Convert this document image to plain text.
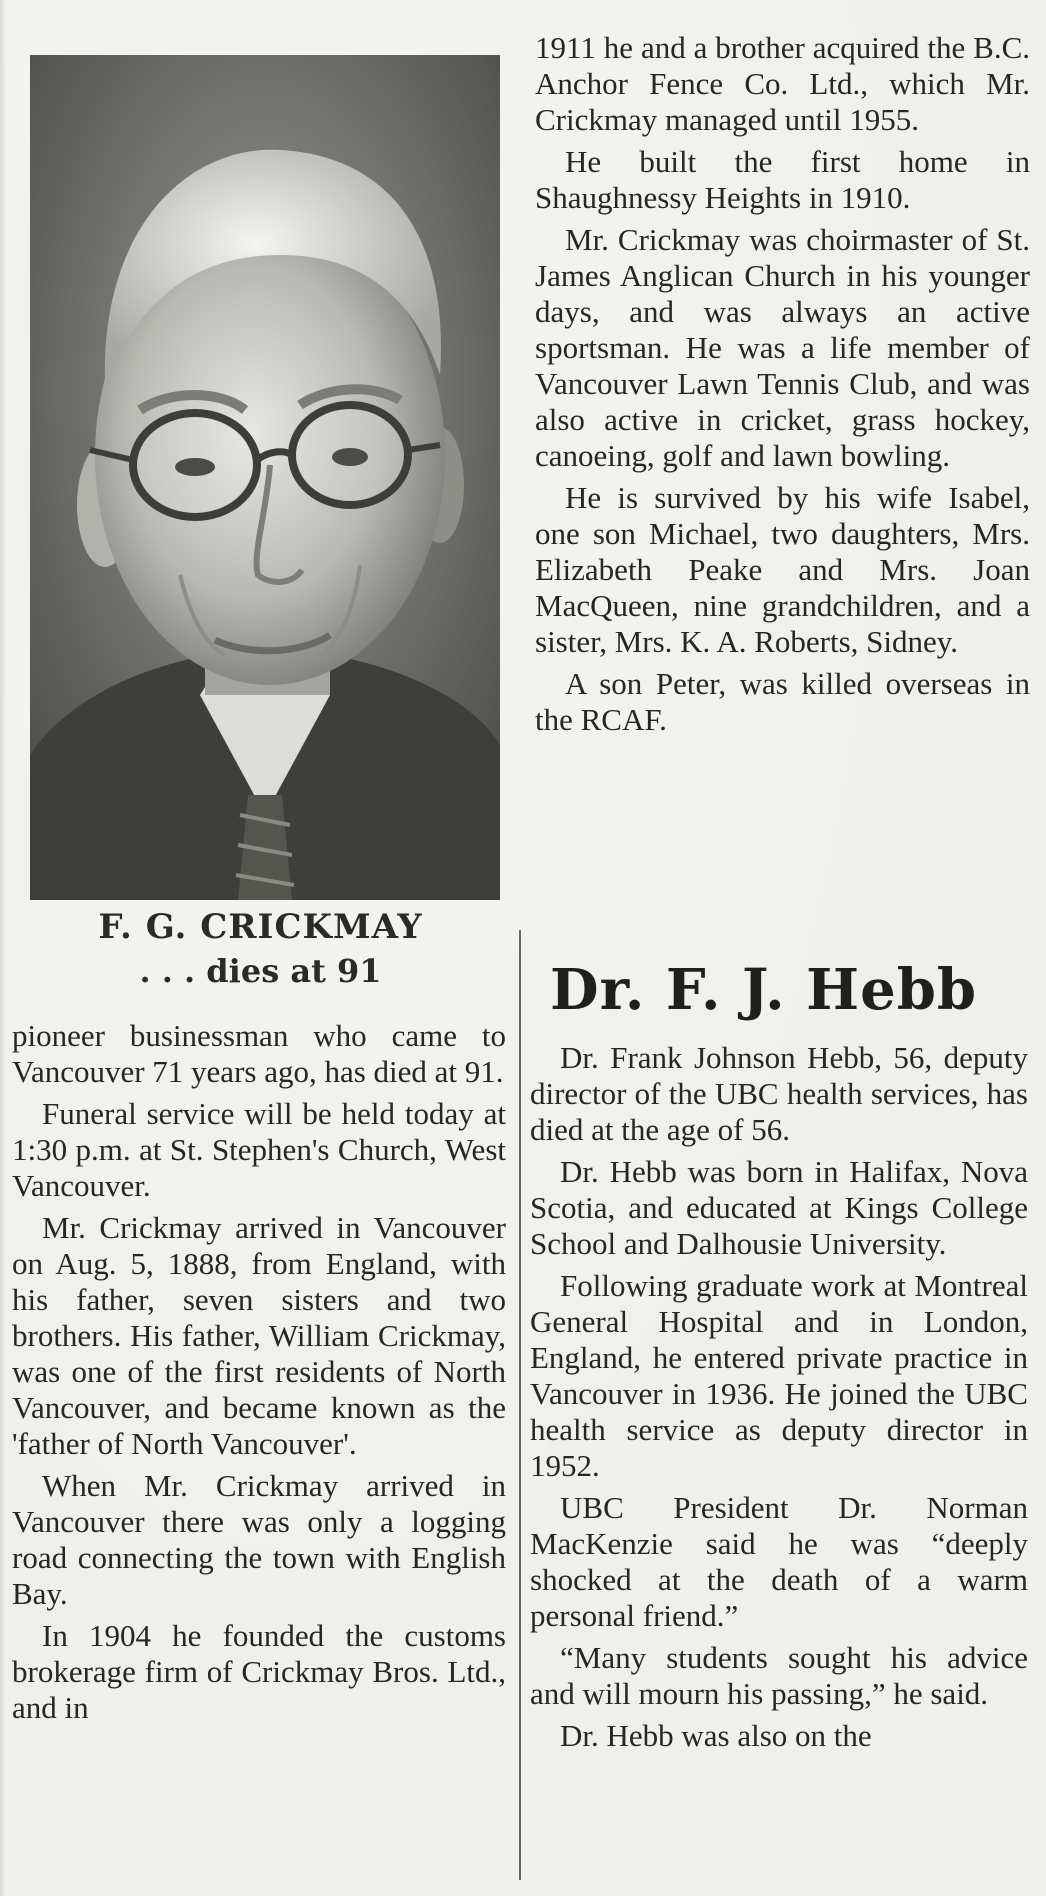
F. G. CRICKMAY
. . . dies at 91

pioneer businessman who came to Vancouver 71 years ago, has died at 91.

Funeral service will be held today at 1:30 p.m. at St. Stephen's Church, West Vancouver.

Mr. Crickmay arrived in Vancouver on Aug. 5, 1888, from England, with his father, seven sisters and two brothers. His father, William Crickmay, was one of the first residents of North Vancouver, and became known as the 'father of North Vancouver'.

When Mr. Crickmay arrived in Vancouver there was only a logging road connecting the town with English Bay.

In 1904 he founded the customs brokerage firm of Crickmay Bros. Ltd., and in

1911 he and a brother acquired the B.C. Anchor Fence Co. Ltd., which Mr. Crickmay managed until 1955.

He built the first home in Shaughnessy Heights in 1910.

Mr. Crickmay was choirmaster of St. James Anglican Church in his younger days, and was always an active sportsman. He was a life member of Vancouver Lawn Tennis Club, and was also active in cricket, grass hockey, canoeing, golf and lawn bowling.

He is survived by his wife Isabel, one son Michael, two daughters, Mrs. Elizabeth Peake and Mrs. Joan MacQueen, nine grandchildren, and a sister, Mrs. K. A. Roberts, Sidney.

A son Peter, was killed overseas in the RCAF.

Dr. F. J. Hebb

Dr. Frank Johnson Hebb, 56, deputy director of the UBC health services, has died at the age of 56.

Dr. Hebb was born in Halifax, Nova Scotia, and educated at Kings College School and Dalhousie University.

Following graduate work at Montreal General Hospital and in London, England, he entered private practice in Vancouver in 1936. He joined the UBC health service as deputy director in 1952.

UBC President Dr. Norman MacKenzie said he was “deeply shocked at the death of a warm personal friend.”

“Many students sought his advice and will mourn his passing,” he said.

Dr. Hebb was also on the
